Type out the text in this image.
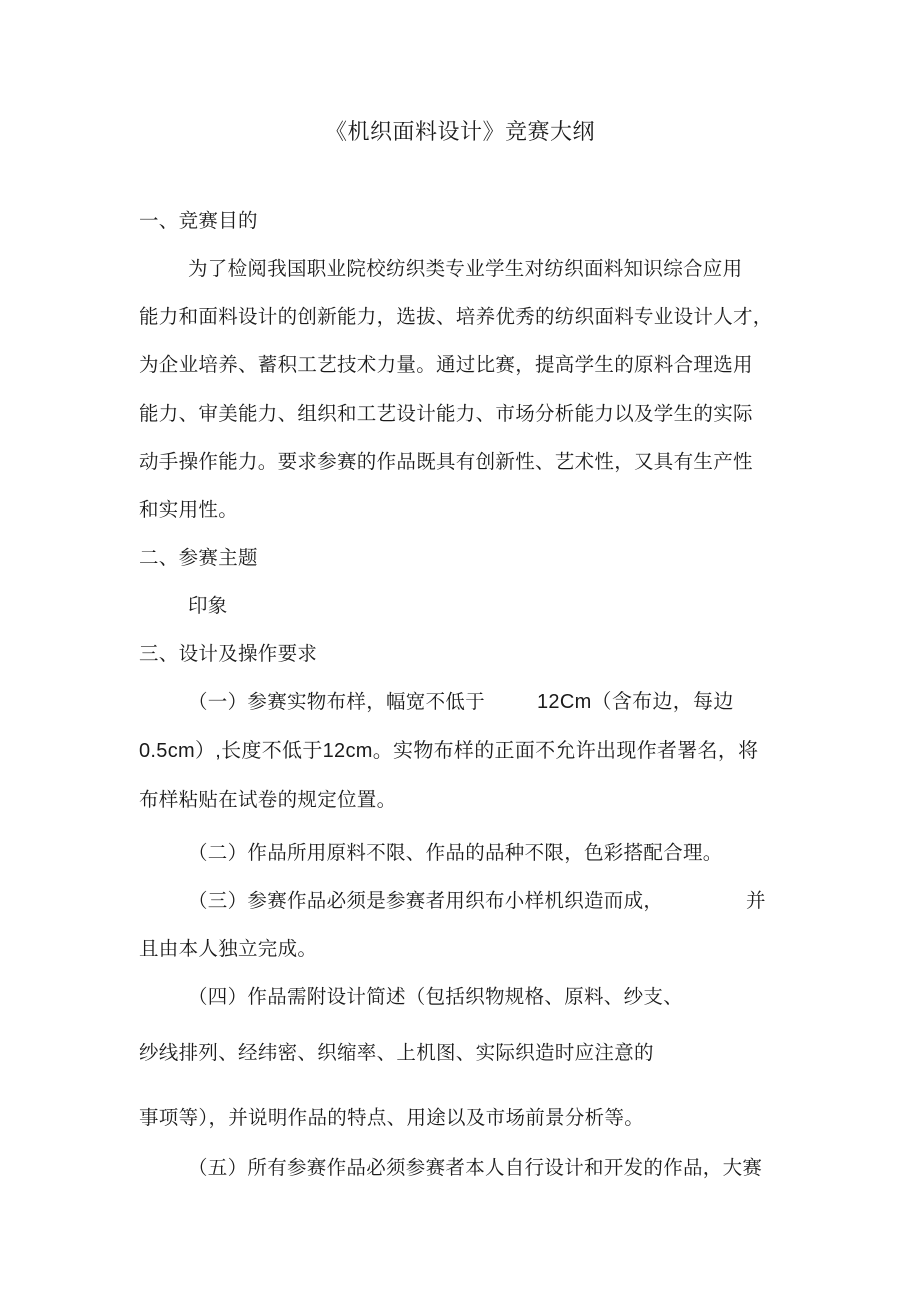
《机织面料设计》竞赛大纲
一、竞赛目的
为了检阅我国职业院校纺织类专业学生对纺织面料知识综合应用
能力和面料设计的创新能力，选拔、培养优秀的纺织面料专业设计人才，
为企业培养、蓄积工艺技术力量。通过比赛，提高学生的原料合理选用
能力、审美能力、组织和工艺设计能力、市场分析能力以及学生的实际
动手操作能力。要求参赛的作品既具有创新性、艺术性，又具有生产性
和实用性。
二、参赛主题
印象
三、设计及操作要求
（一）参赛实物布样，幅宽不低于	12Cm（含布边，每边
0.5cm）,长度不低于12cm。实物布样的正面不允许出现作者署名，将
布样粘贴在试卷的规定位置。
（二）作品所用原料不限、作品的品种不限，色彩搭配合理。
（三）参赛作品必须是参赛者用织布小样机织造而成，	并
且由本人独立完成。
（四）作品需附设计简述（包括织物规格、原料、纱支、
纱线排列、经纬密、织缩率、上机图、实际织造时应注意的
事项等），并说明作品的特点、用途以及市场前景分析等。
（五）所有参赛作品必须参赛者本人自行设计和开发的作品，大赛
